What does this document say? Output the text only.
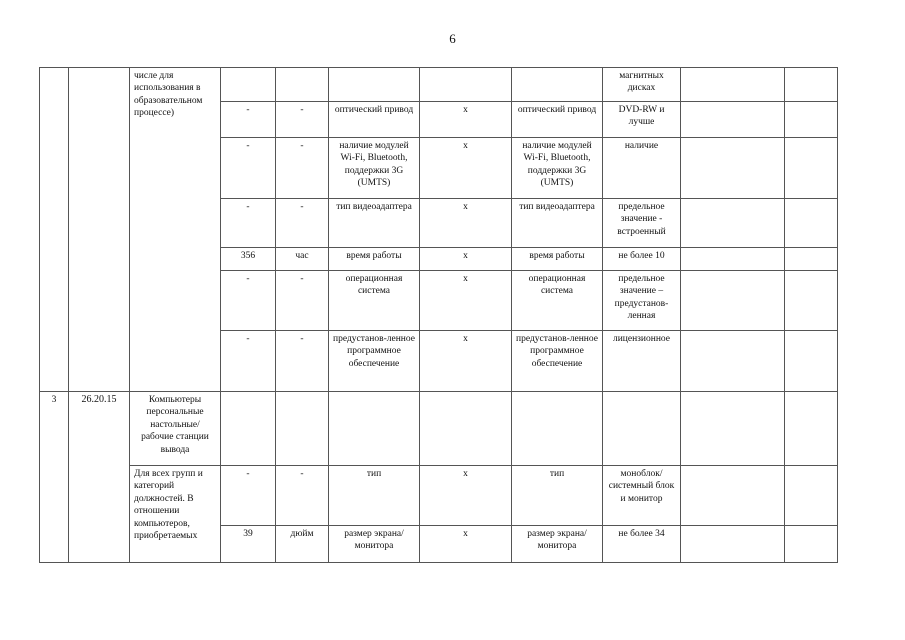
6
		числе для использования в образовательном процессе)						магнитных дисках		
			-	-	оптический привод	x	оптический привод	DVD-RW и лучше		
			-	-	наличие модулей Wi-Fi, Bluetooth, поддержки 3G (UMTS)	x	наличие модулей Wi-Fi, Bluetooth, поддержки 3G (UMTS)	наличие		
			-	-	тип видеоадаптера	x	тип видеоадаптера	предельное значение - встроенный		
			356	час	время работы	x	время работы	не более 10		
			-	-	операционная система	x	операционная система	предельное значение – предустанов-ленная		
			-	-	предустанов-ленное программное обеспечение	x	предустанов-ленное программное обеспечение	лицензионное		
3	26.20.15	Компьютеры персональные настольные/ рабочие станции вывода								
		Для всех групп и категорий должностей. В отношении компьютеров, приобретаемых	-	-	тип	x	тип	моноблок/ системный блок и монитор		
			39	дюйм	размер экрана/ монитора	x	размер экрана/ монитора	не более 34		
